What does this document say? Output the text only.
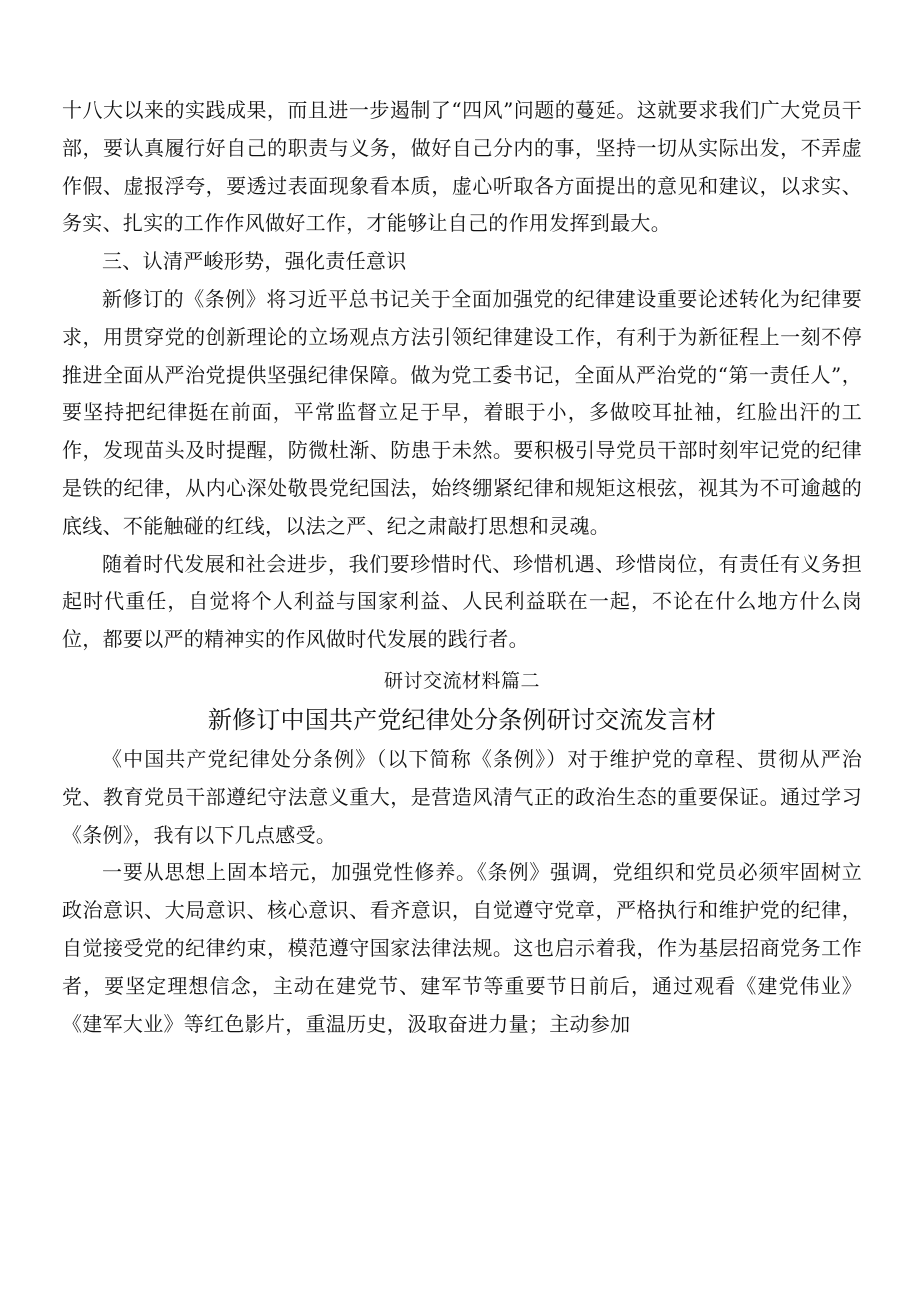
十八大以来的实践成果，而且进一步遏制了“四风”问题的蔓延。这就要求我们广大党员干部，要认真履行好自己的职责与义务，做好自己分内的事，坚持一切从实际出发，不弄虚作假、虚报浮夸，要透过表面现象看本质，虚心听取各方面提出的意见和建议，以求实、务实、扎实的工作作风做好工作，才能够让自己的作用发挥到最大。

三、认清严峻形势，强化责任意识

新修订的《条例》将习近平总书记关于全面加强党的纪律建设重要论述转化为纪律要求，用贯穿党的创新理论的立场观点方法引领纪律建设工作，有利于为新征程上一刻不停推进全面从严治党提供坚强纪律保障。做为党工委书记，全面从严治党的“第一责任人”，要坚持把纪律挺在前面，平常监督立足于早，着眼于小，多做咬耳扯袖，红脸出汗的工作，发现苗头及时提醒，防微杜渐、防患于未然。要积极引导党员干部时刻牢记党的纪律是铁的纪律，从内心深处敬畏党纪国法，始终绷紧纪律和规矩这根弦，视其为不可逾越的底线、不能触碰的红线，以法之严、纪之肃敲打思想和灵魂。

随着时代发展和社会进步，我们要珍惜时代、珍惜机遇、珍惜岗位，有责任有义务担起时代重任，自觉将个人利益与国家利益、人民利益联在一起，不论在什么地方什么岗位，都要以严的精神实的作风做时代发展的践行者。

研讨交流材料篇二

新修订中国共产党纪律处分条例研讨交流发言材

《中国共产党纪律处分条例》（以下简称《条例》）对于维护党的章程、贯彻从严治党、教育党员干部遵纪守法意义重大，是营造风清气正的政治生态的重要保证。通过学习《条例》，我有以下几点感受。

一要从思想上固本培元，加强党性修养。《条例》强调，党组织和党员必须牢固树立政治意识、大局意识、核心意识、看齐意识，自觉遵守党章，严格执行和维护党的纪律，自觉接受党的纪律约束，模范遵守国家法律法规。这也启示着我，作为基层招商党务工作者，要坚定理想信念，主动在建党节、建军节等重要节日前后，通过观看《建党伟业》《建军大业》等红色影片，重温历史，汲取奋进力量；主动参加
